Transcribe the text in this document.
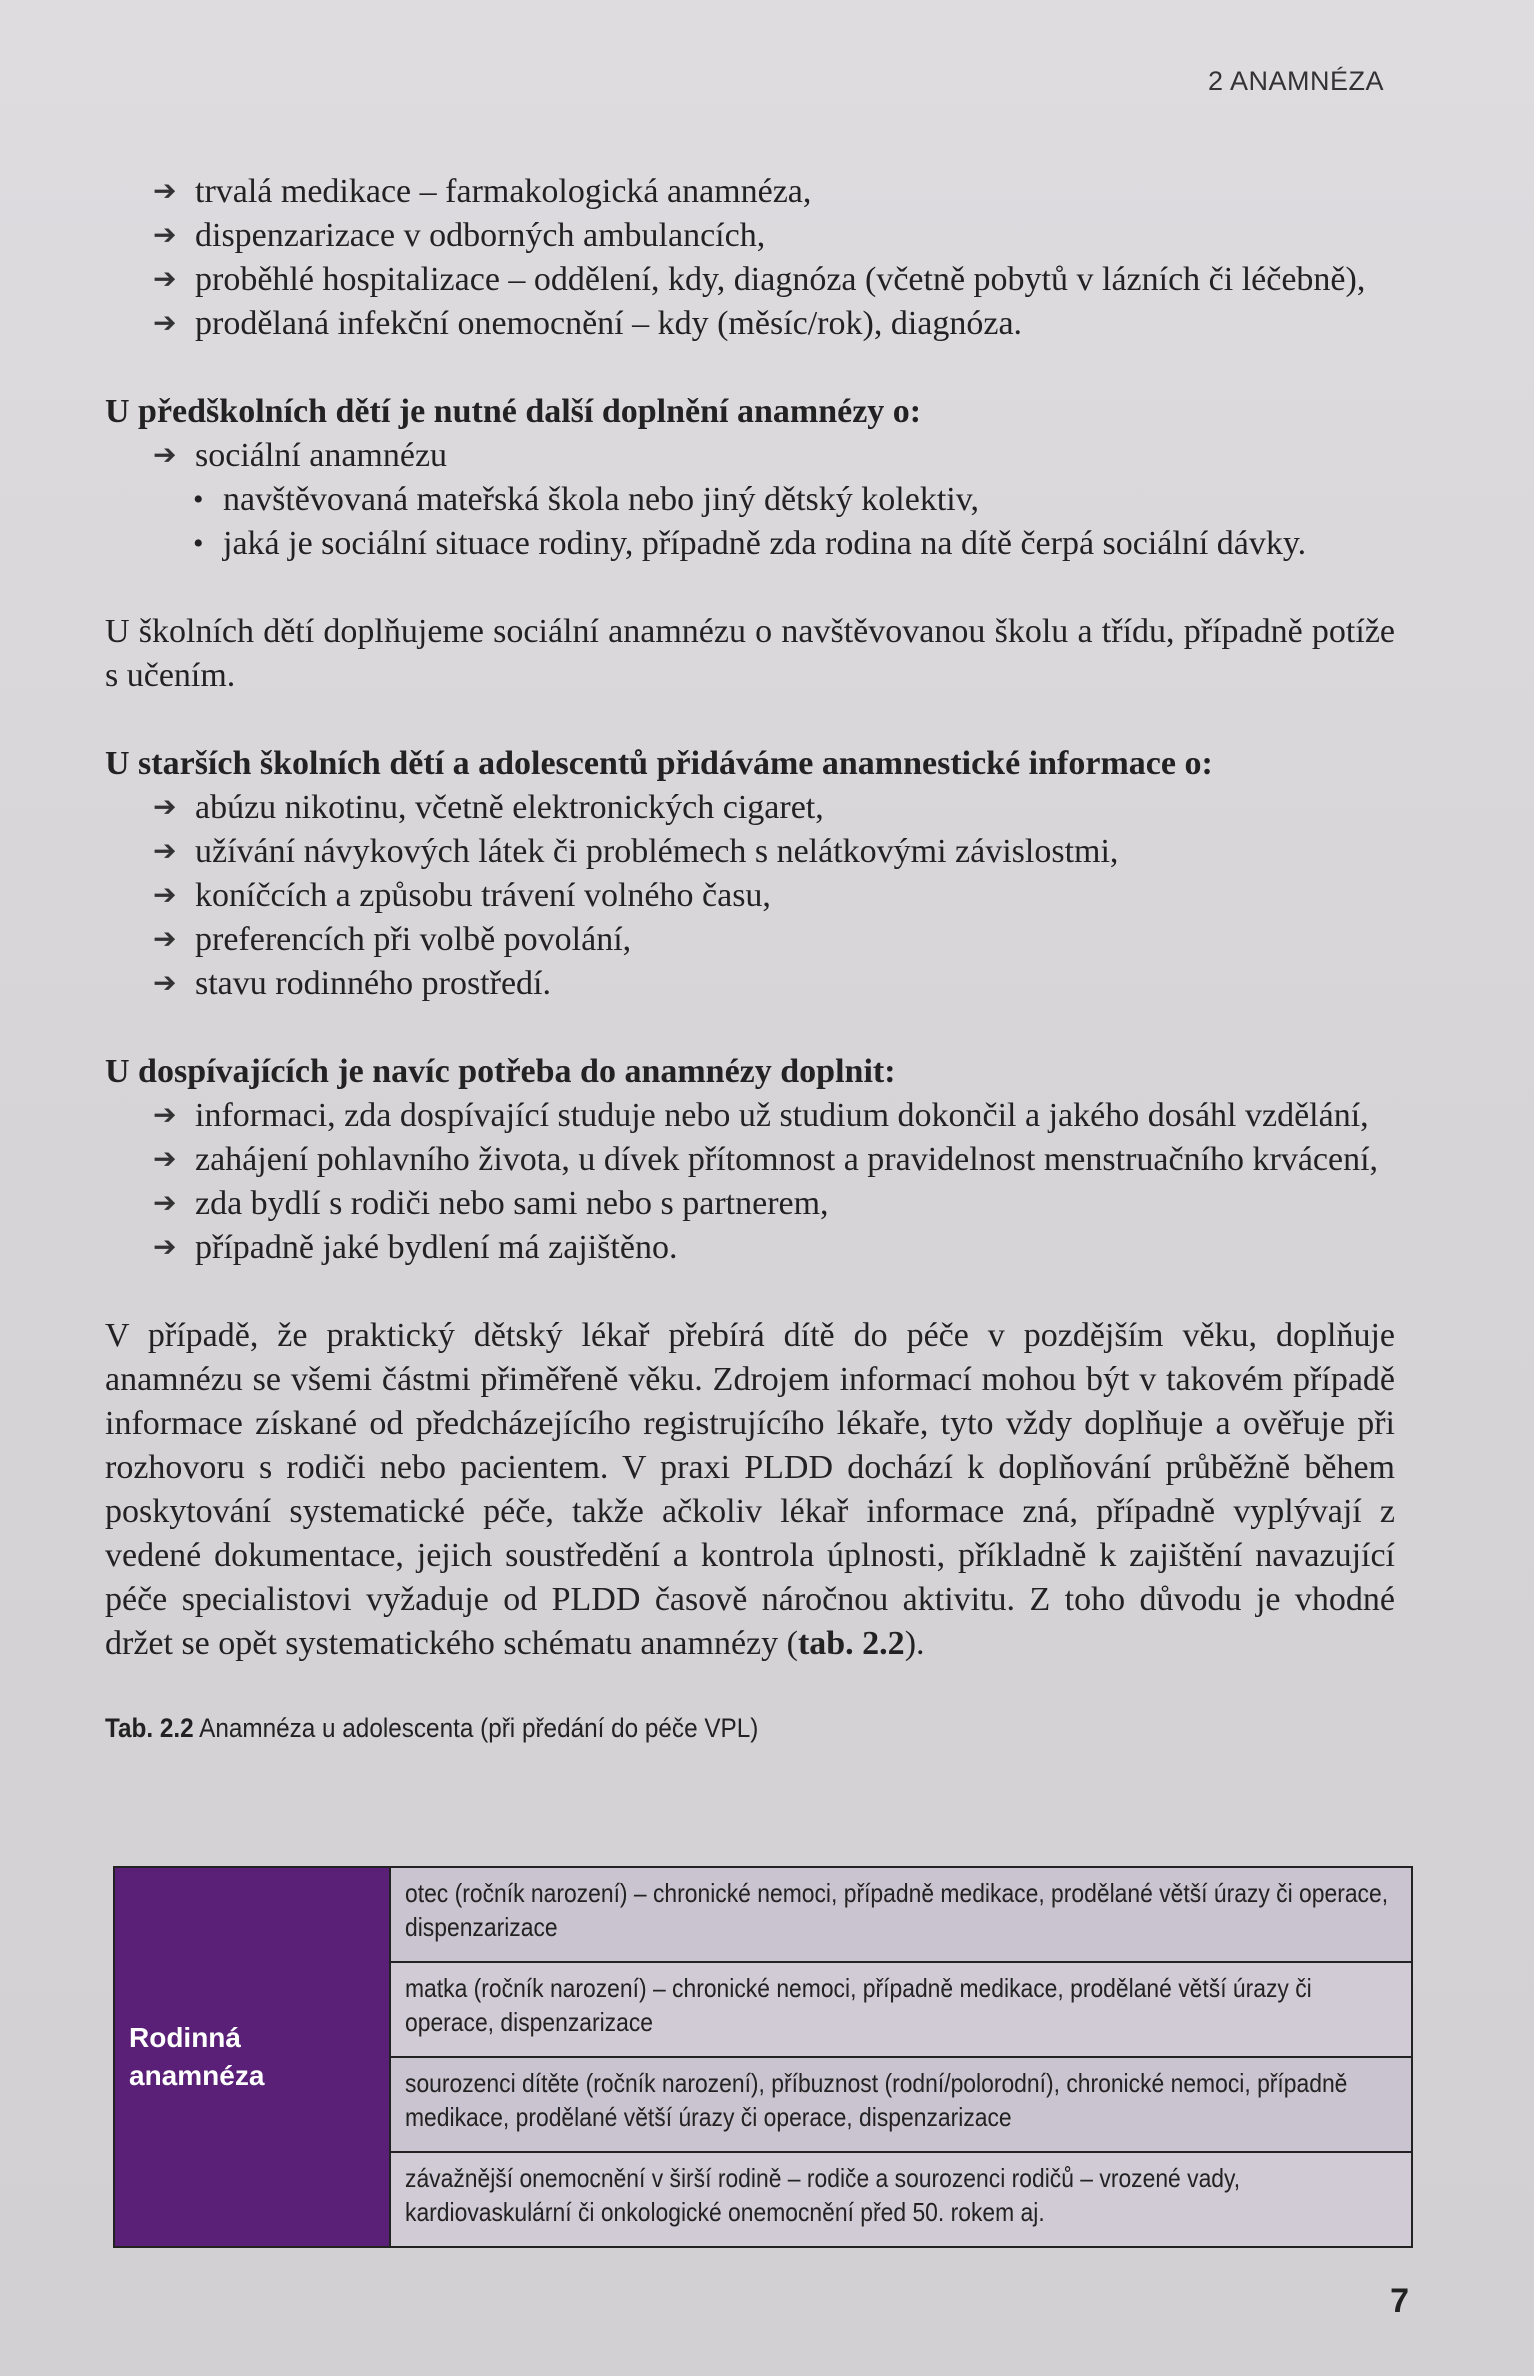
2 ANAMNÉZA
➔ trvalá medikace – farmakologická anamnéza,
➔ dispenzarizace v odborných ambulancích,
➔ proběhlé hospitalizace – oddělení, kdy, diagnóza (včetně pobytů v lázních či léčebně),
➔ prodělaná infekční onemocnění – kdy (měsíc/rok), diagnóza.

U předškolních dětí je nutné další doplnění anamnézy o:

➔ sociální anamnézu
• navštěvovaná mateřská škola nebo jiný dětský kolektiv,
• jaká je sociální situace rodiny, případně zda rodina na dítě čerpá sociální dávky.

U školních dětí doplňujeme sociální anamnézu o navštěvovanou školu a třídu, případně potíže s učením.

U starších školních dětí a adolescentů přidáváme anamnestické informace o:

➔ abúzu nikotinu, včetně elektronických cigaret,
➔ užívání návykových látek či problémech s nelátkovými závislostmi,
➔ koníčcích a způsobu trávení volného času,
➔ preferencích při volbě povolání,
➔ stavu rodinného prostředí.

U dospívajících je navíc potřeba do anamnézy doplnit:

➔ informaci, zda dospívající studuje nebo už studium dokončil a jakého dosáhl vzdělání,
➔ zahájení pohlavního života, u dívek přítomnost a pravidelnost menstruačního krvácení,
➔ zda bydlí s rodiči nebo sami nebo s partnerem,
➔ případně jaké bydlení má zajištěno.

V případě, že praktický dětský lékař přebírá dítě do péče v pozdějším věku, doplňuje anamnézu se všemi částmi přiměřeně věku. Zdrojem informací mohou být v takovém případě informace získané od předcházejícího registrujícího lékaře, tyto vždy doplňuje a ověřuje při rozhovoru s rodiči nebo pacientem. V praxi PLDD dochází k doplňování průběžně během poskytování systematické péče, takže ačkoliv lékař informace zná, případně vyplývají z vedené dokumentace, jejich soustředění a kontrola úplnosti, příkladně k zajištění navazující péče specialistovi vyžaduje od PLDD časově náročnou aktivitu. Z toho důvodu je vhodné držet se opět systematického schématu anamnézy (tab. 2.2).

Tab. 2.2 Anamnéza u adolescenta (při předání do péče VPL)
Rodinná anamnéza	otec (ročník narození) – chronické nemoci, případně medikace, prodělané větší úrazy či operace, dispenzarizace
matka (ročník narození) – chronické nemoci, případně medikace, prodělané větší úrazy či operace, dispenzarizace
sourozenci dítěte (ročník narození), příbuznost (rodní/polorodní), chronické nemoci, případně medikace, prodělané větší úrazy či operace, dispenzarizace
závažnější onemocnění v širší rodině – rodiče a sourozenci rodičů – vrozené vady, kardiovaskulární či onkologické onemocnění před 50. rokem aj.
7
